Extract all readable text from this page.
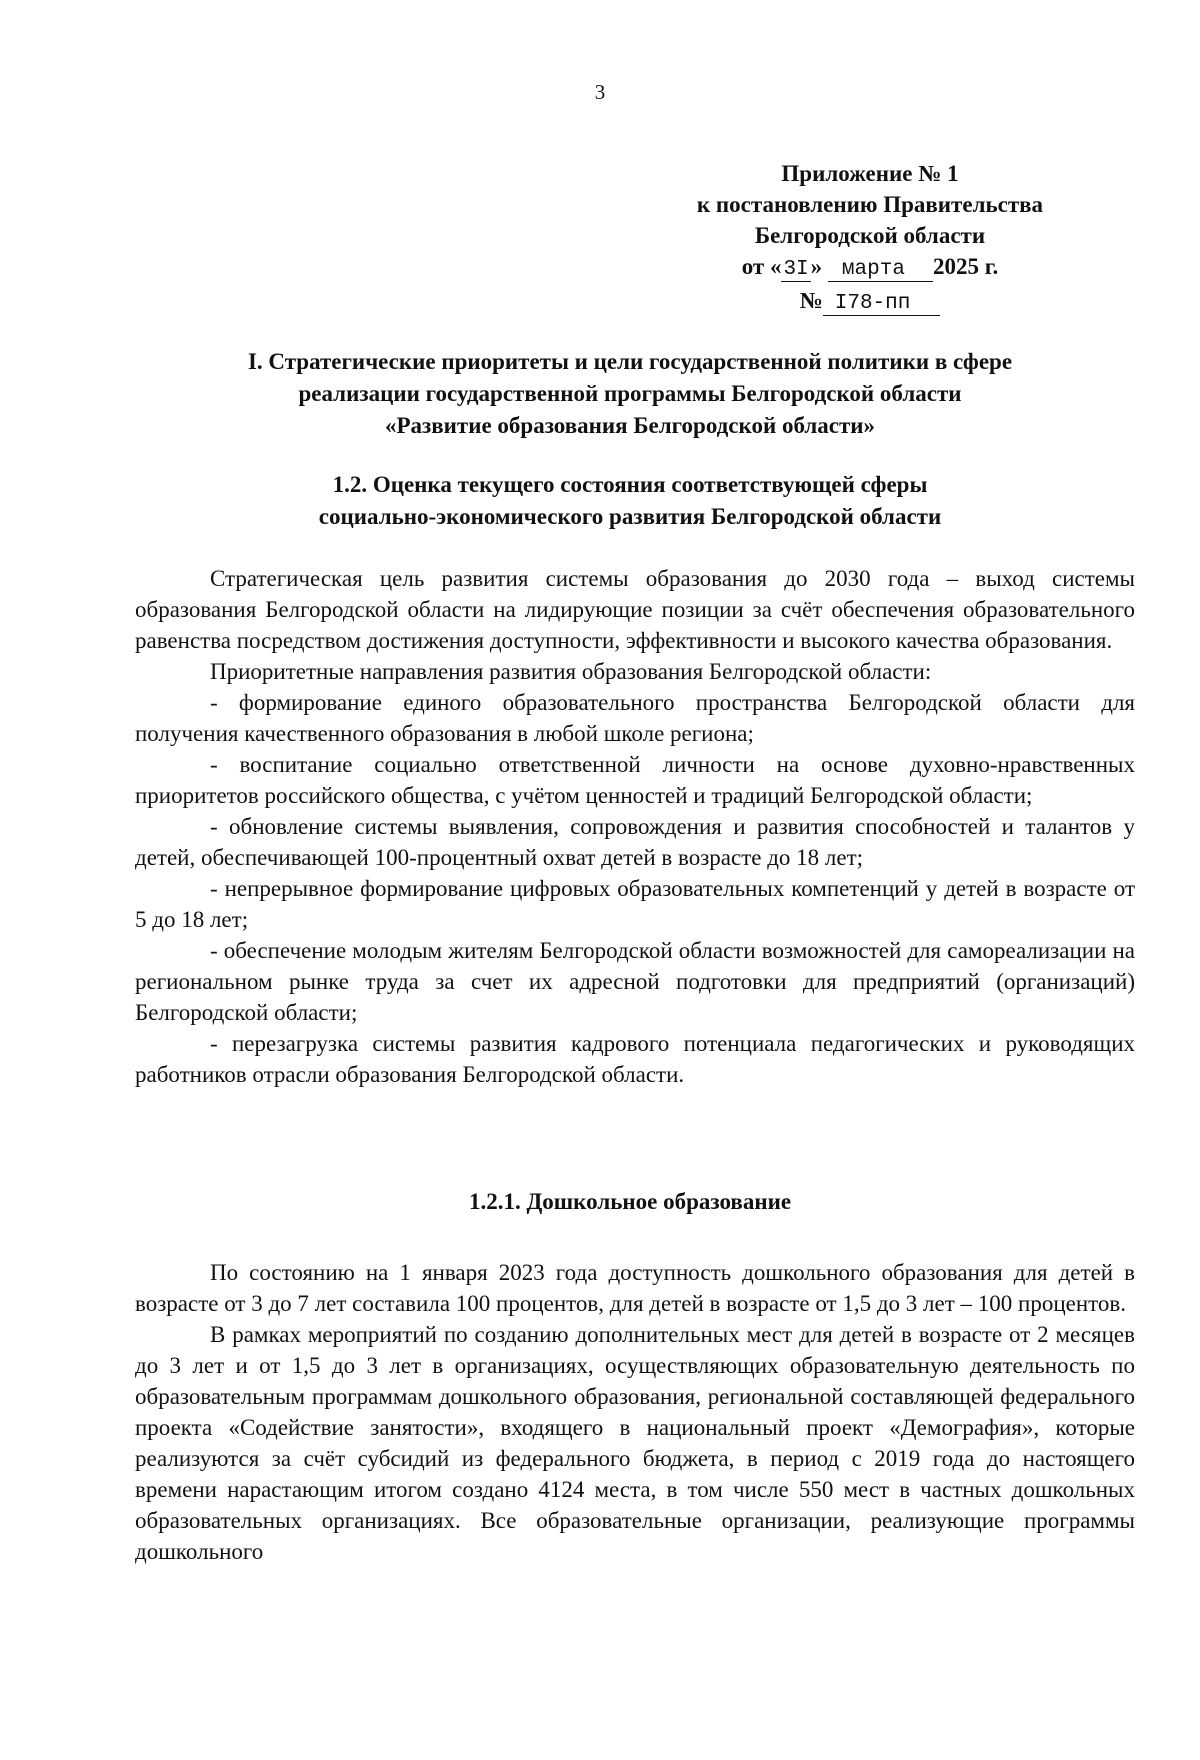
3
Приложение № 1
к постановлению Правительства
Белгородской области
от «3I» марта 2025 г.
№ I78-пп
I. Стратегические приоритеты и цели государственной политики в сфере
реализации государственной программы Белгородской области
«Развитие образования Белгородской области»
1.2. Оценка текущего состояния соответствующей сферы
социально-экономического развития Белгородской области

Стратегическая цель развития системы образования до 2030 года – выход системы образования Белгородской области на лидирующие позиции за счёт обеспечения образовательного равенства посредством достижения доступности, эффективности и высокого качества образования.

Приоритетные направления развития образования Белгородской области:

- формирование единого образовательного пространства Белгородской области для получения качественного образования в любой школе региона;

- воспитание социально ответственной личности на основе духовно-нравственных приоритетов российского общества, с учётом ценностей и традиций Белгородской области;

- обновление системы выявления, сопровождения и развития способностей и талантов у детей, обеспечивающей 100-процентный охват детей в возрасте до 18 лет;

- непрерывное формирование цифровых образовательных компетенций у детей в возрасте от 5 до 18 лет;

- обеспечение молодым жителям Белгородской области возможностей для самореализации на региональном рынке труда за счет их адресной подготовки для предприятий (организаций) Белгородской области;

- перезагрузка системы развития кадрового потенциала педагогических и руководящих работников отрасли образования Белгородской области.

1.2.1. Дошкольное образование

По состоянию на 1 января 2023 года доступность дошкольного образования для детей в возрасте от 3 до 7 лет составила 100 процентов, для детей в возрасте от 1,5 до 3 лет – 100 процентов.

В рамках мероприятий по созданию дополнительных мест для детей в возрасте от 2 месяцев до 3 лет и от 1,5 до 3 лет в организациях, осуществляющих образовательную деятельность по образовательным программам дошкольного образования, региональной составляющей федерального проекта «Содействие занятости», входящего в национальный проект «Демография», которые реализуются за счёт субсидий из федерального бюджета, в период с 2019 года до настоящего времени нарастающим итогом создано 4124 места, в том числе 550 мест в частных дошкольных образовательных организациях. Все образовательные организации, реализующие программы дошкольного
